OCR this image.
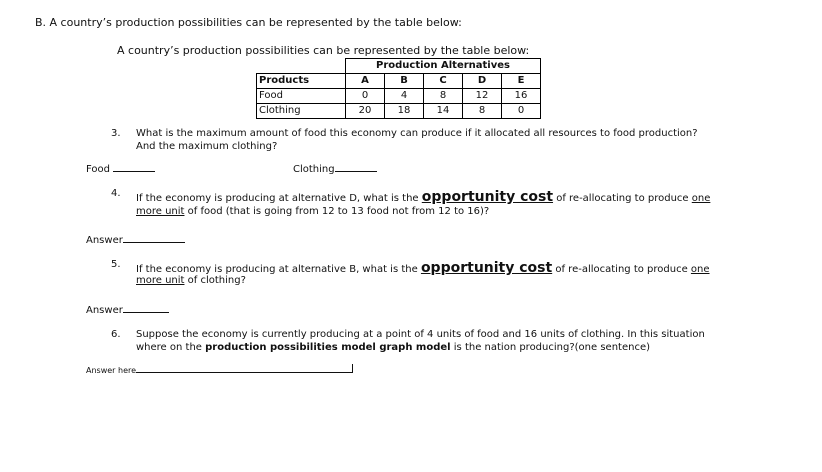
B. A country’s production possibilities can be represented by the table below:
A country’s production possibilities can be represented by the table below:
	Production Alternatives				
Products	A	B	C	D	E
Food	0	4	8	12	16
Clothing	20	18	14	8	0
3. What is the maximum amount of food this economy can produce if it allocated all resources to food production?
And the maximum clothing?
Food	Clothing
4. If the economy is producing at alternative D, what is the opportunity cost of re-allocating to produce one
more unit of food (that is going from 12 to 13 food not from 12 to 16)?
Answer
5. If the economy is producing at alternative B, what is the opportunity cost of re-allocating to produce one
more unit of clothing?
Answer
6. Suppose the economy is currently producing at a point of 4 units of food and 16 units of clothing. In this situation
where on the production possibilities model graph model is the nation producing?(one sentence)
Answer here
